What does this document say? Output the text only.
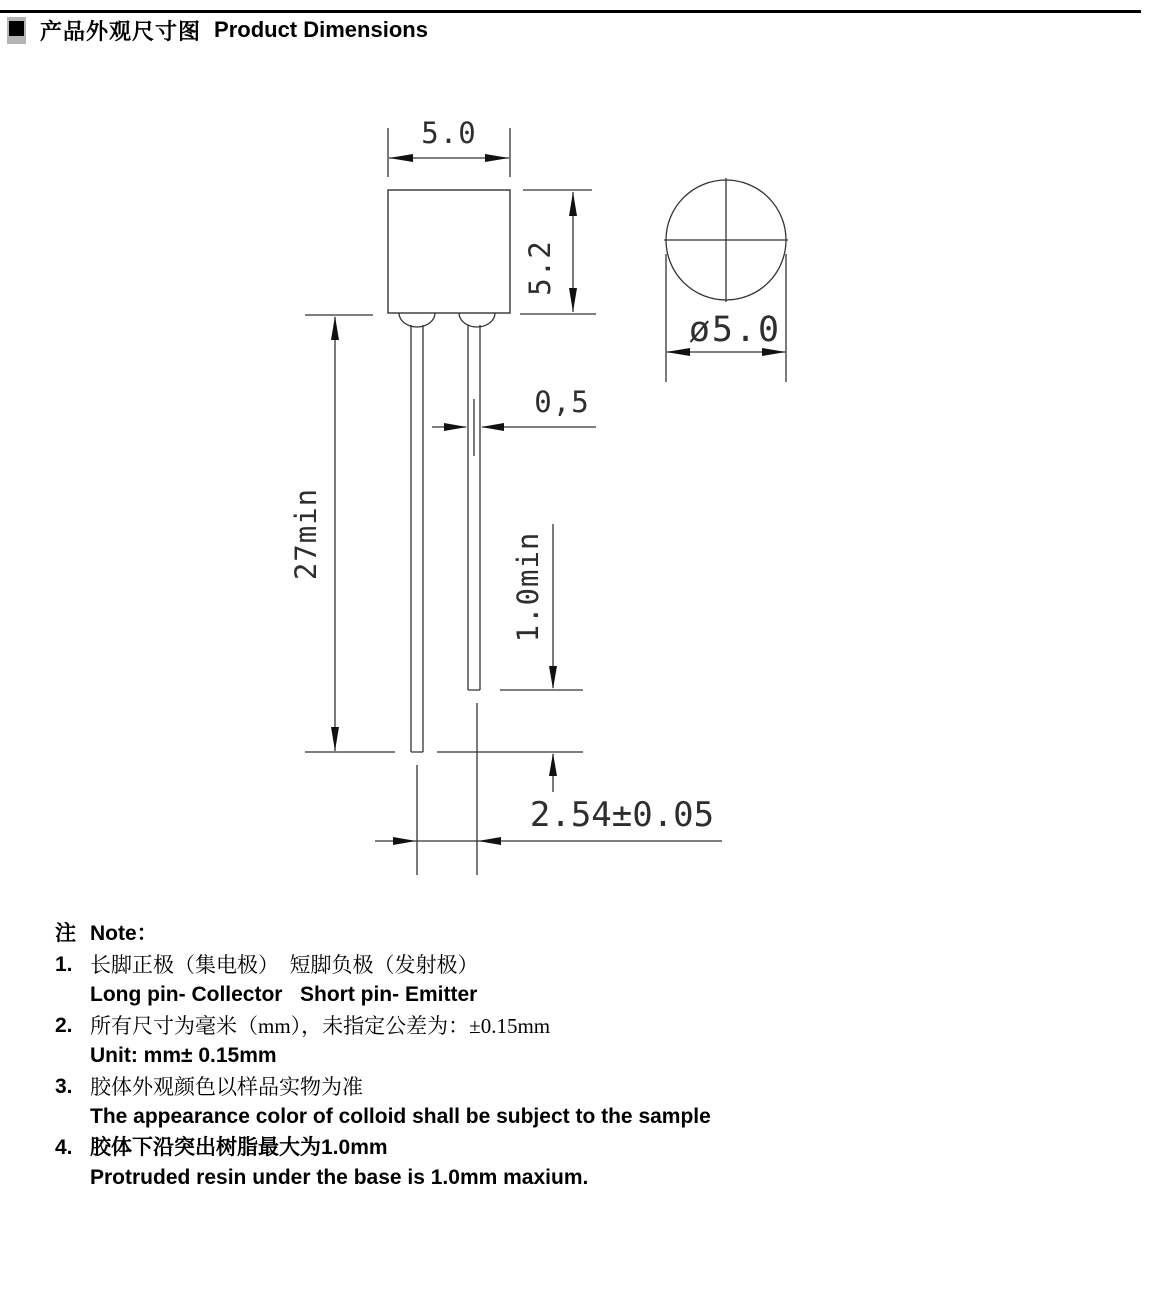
产品外观尺寸图 Product Dimensions
5.0
5.2
27min
0,5
1.0min
2.54±0.05
ø5.0
注 Note：
1. 长脚正极（集电极）　短脚负极（发射极）
Long pin- Collector   Short pin- Emitter
2. 所有尺寸为毫米（mm），未指定公差为：±0.15mm
Unit: mm± 0.15mm
3. 胶体外观颜色以样品实物为准
The appearance color of colloid shall be subject to the sample
4. 胶体下沿突出树脂最大为1.0mm
Protruded resin under the base is 1.0mm maxium.
